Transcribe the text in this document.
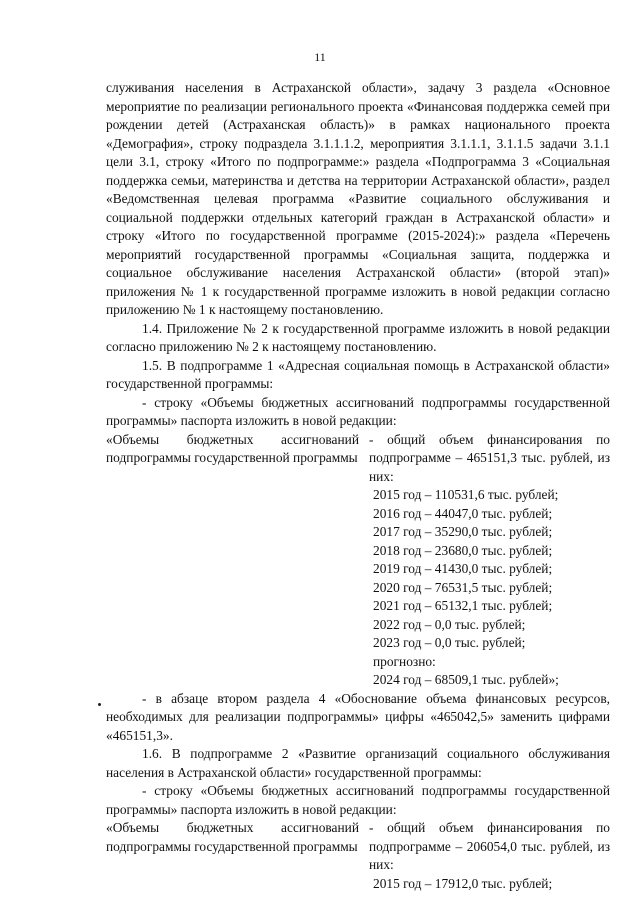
11

служивания населения в Астраханской области», задачу 3 раздела «Основное мероприятие по реализации регионального проекта «Финансовая поддержка семей при рождении детей (Астраханская область)» в рамках национального проекта «Демография», строку подраздела 3.1.1.1.2, мероприятия 3.1.1.1, 3.1.1.5 задачи 3.1.1 цели 3.1, строку «Итого по подпрограмме:» раздела «Подпрограмма 3 «Социальная поддержка семьи, материнства и детства на территории Астраханской области», раздел «Ведомственная целевая программа «Развитие социального обслуживания и социальной поддержки отдельных категорий граждан в Астраханской области» и строку «Итого по государственной программе (2015-2024):» раздела «Перечень мероприятий государственной программы «Социальная защита, поддержка и социальное обслуживание населения Астраханской области» (второй этап)» приложения № 1 к государственной программе изложить в новой редакции согласно приложению № 1 к настоящему постановлению.

1.4. Приложение № 2 к государственной программе изложить в новой редакции согласно приложению № 2 к настоящему постановлению.

1.5. В подпрограмме 1 «Адресная социальная помощь в Астраханской области» государственной программы:

- строку «Объемы бюджетных ассигнований подпрограммы государственной программы» паспорта изложить в новой редакции:

«Объемы бюджетных ассигнований подпрограммы государственной программы
- общий объем финансирования по подпрограмме – 465151,3 тыс. рублей, из них:
2015 год – 110531,6 тыс. рублей;
2016 год – 44047,0 тыс. рублей;
2017 год – 35290,0 тыс. рублей;
2018 год – 23680,0 тыс. рублей;
2019 год – 41430,0 тыс. рублей;
2020 год – 76531,5 тыс. рублей;
2021 год – 65132,1 тыс. рублей;
2022 год – 0,0 тыс. рублей;
2023 год – 0,0 тыс. рублей;
прогнозно:
2024 год – 68509,1 тыс. рублей»;

- в абзаце втором раздела 4 «Обоснование объема финансовых ресурсов, необходимых для реализации подпрограммы» цифры «465042,5» заменить цифрами «465151,3».

1.6. В подпрограмме 2 «Развитие организаций социального обслуживания населения в Астраханской области» государственной программы:

- строку «Объемы бюджетных ассигнований подпрограммы государственной программы» паспорта изложить в новой редакции:

«Объемы бюджетных ассигнований подпрограммы государственной программы
- общий объем финансирования по подпрограмме – 206054,0 тыс. рублей, из них:
2015 год – 17912,0 тыс. рублей;
